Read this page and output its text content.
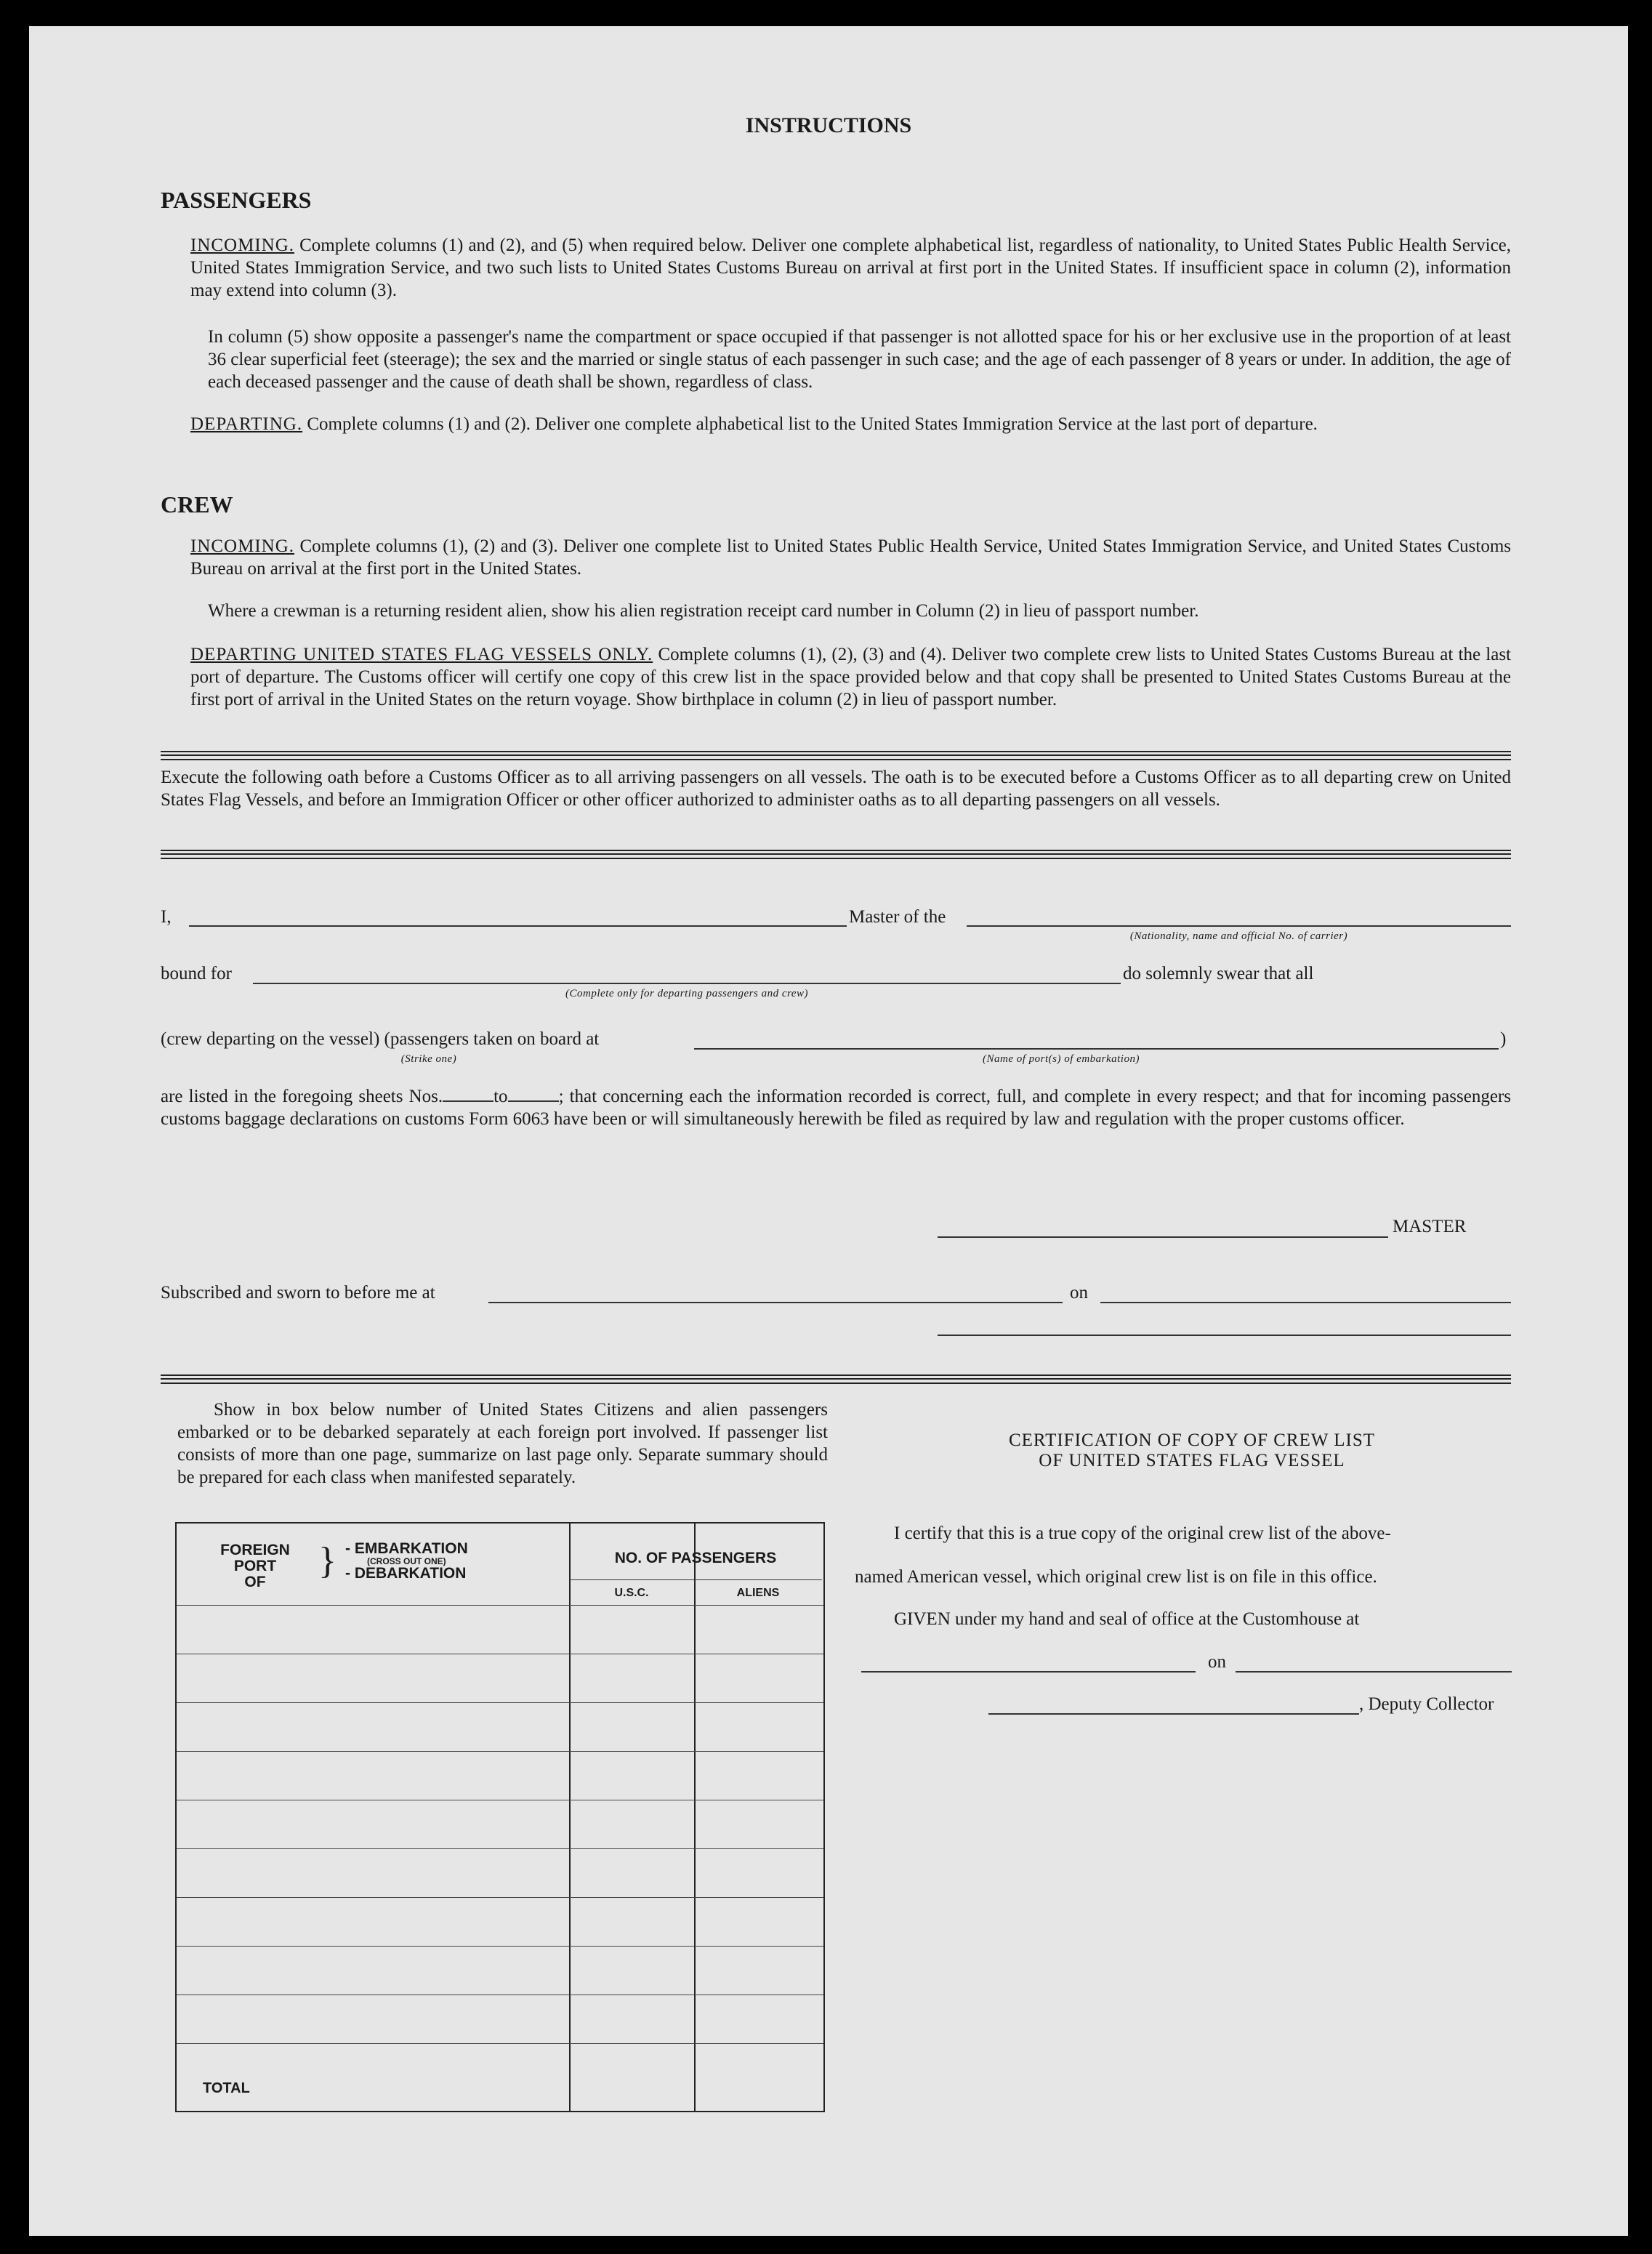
INSTRUCTIONS
PASSENGERS
INCOMING. Complete columns (1) and (2), and (5) when required below. Deliver one complete alphabetical list, regardless of nationality, to United States Public Health Service, United States Immigration Service, and two such lists to United States Customs Bureau on arrival at first port in the United States. If insufficient space in column (2), information may extend into column (3).
In column (5) show opposite a passenger's name the compartment or space occupied if that passenger is not allotted space for his or her exclusive use in the proportion of at least 36 clear superficial feet (steerage); the sex and the married or single status of each passenger in such case; and the age of each passenger of 8 years or under. In addition, the age of each deceased passenger and the cause of death shall be shown, regardless of class.
DEPARTING. Complete columns (1) and (2). Deliver one complete alphabetical list to the United States Immigration Service at the last port of departure.
CREW
INCOMING. Complete columns (1), (2) and (3). Deliver one complete list to United States Public Health Service, United States Immigration Service, and United States Customs Bureau on arrival at the first port in the United States.
Where a crewman is a returning resident alien, show his alien registration receipt card number in Column (2) in lieu of passport number.
DEPARTING UNITED STATES FLAG VESSELS ONLY. Complete columns (1), (2), (3) and (4). Deliver two complete crew lists to United States Customs Bureau at the last port of departure. The Customs officer will certify one copy of this crew list in the space provided below and that copy shall be presented to United States Customs Bureau at the first port of arrival in the United States on the return voyage. Show birthplace in column (2) in lieu of passport number.
Execute the following oath before a Customs Officer as to all arriving passengers on all vessels. The oath is to be executed before a Customs Officer as to all departing crew on United States Flag Vessels, and before an Immigration Officer or other officer authorized to administer oaths as to all departing passengers on all vessels.
I,	Master of the
(Nationality, name and official No. of carrier)
bound for
(Complete only for departing passengers and crew)
do solemnly swear that all
(crew departing on the vessel) (passengers taken on board at	)
(Strike one)	(Name of port(s) of embarkation)
are listed in the foregoing sheets Nos.	to	; that concerning each the information recorded is correct, full, and complete in every respect; and that for incoming passengers customs baggage declarations on customs Form 6063 have been or will simultaneously herewith be filed as required by law and regulation with the proper customs officer.
MASTER
Subscribed and sworn to before me at	on
Show in box below number of United States Citizens and alien passengers embarked or to be debarked separately at each foreign port involved. If passenger list consists of more than one page, summarize on last page only. Separate summary should be prepared for each class when manifested separately.
FOREIGN
PORT
OF
} - EMBARKATION
(CROSS OUT ONE)
- DEBARKATION
NO. OF PASSENGERS
U.S.C.	ALIENS
TOTAL
CERTIFICATION OF COPY OF CREW LIST
OF UNITED STATES FLAG VESSEL
I certify that this is a true copy of the original crew list of the above-
named American vessel, which original crew list is on file in this office.
GIVEN under my hand and seal of office at the Customhouse at
on
, Deputy Collector
